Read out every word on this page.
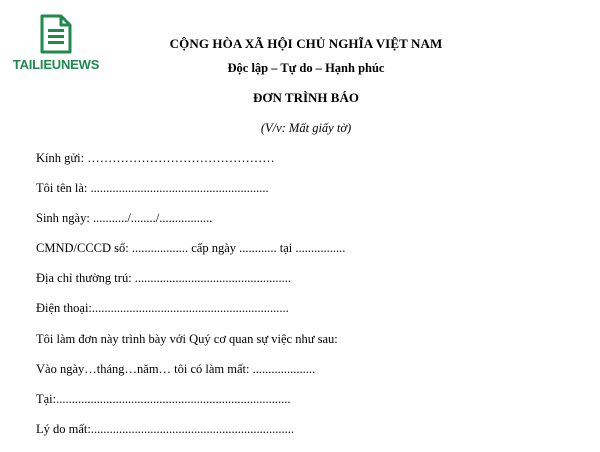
TAILIEUNEWS
CỘNG HÒA XÃ HỘI CHỦ NGHĨA VIỆT NAM
Độc lập – Tự do – Hạnh phúc
ĐƠN TRÌNH BÁO
(V/v: Mất giấy tờ)
Kính gửi: ………………………………………
Tôi tên là: .........................................................
Sinh ngày: .........../......../.................
CMND/CCCD số: .................. cấp ngày ............ tại ................
Địa chỉ thường trú: ..................................................
Điện thoại:...............................................................
Tôi làm đơn này trình bày với Quý cơ quan sự việc như sau:
Vào ngày…tháng…năm… tôi có làm mất: ....................
Tại:...........................................................................
Lý do mất:.................................................................
